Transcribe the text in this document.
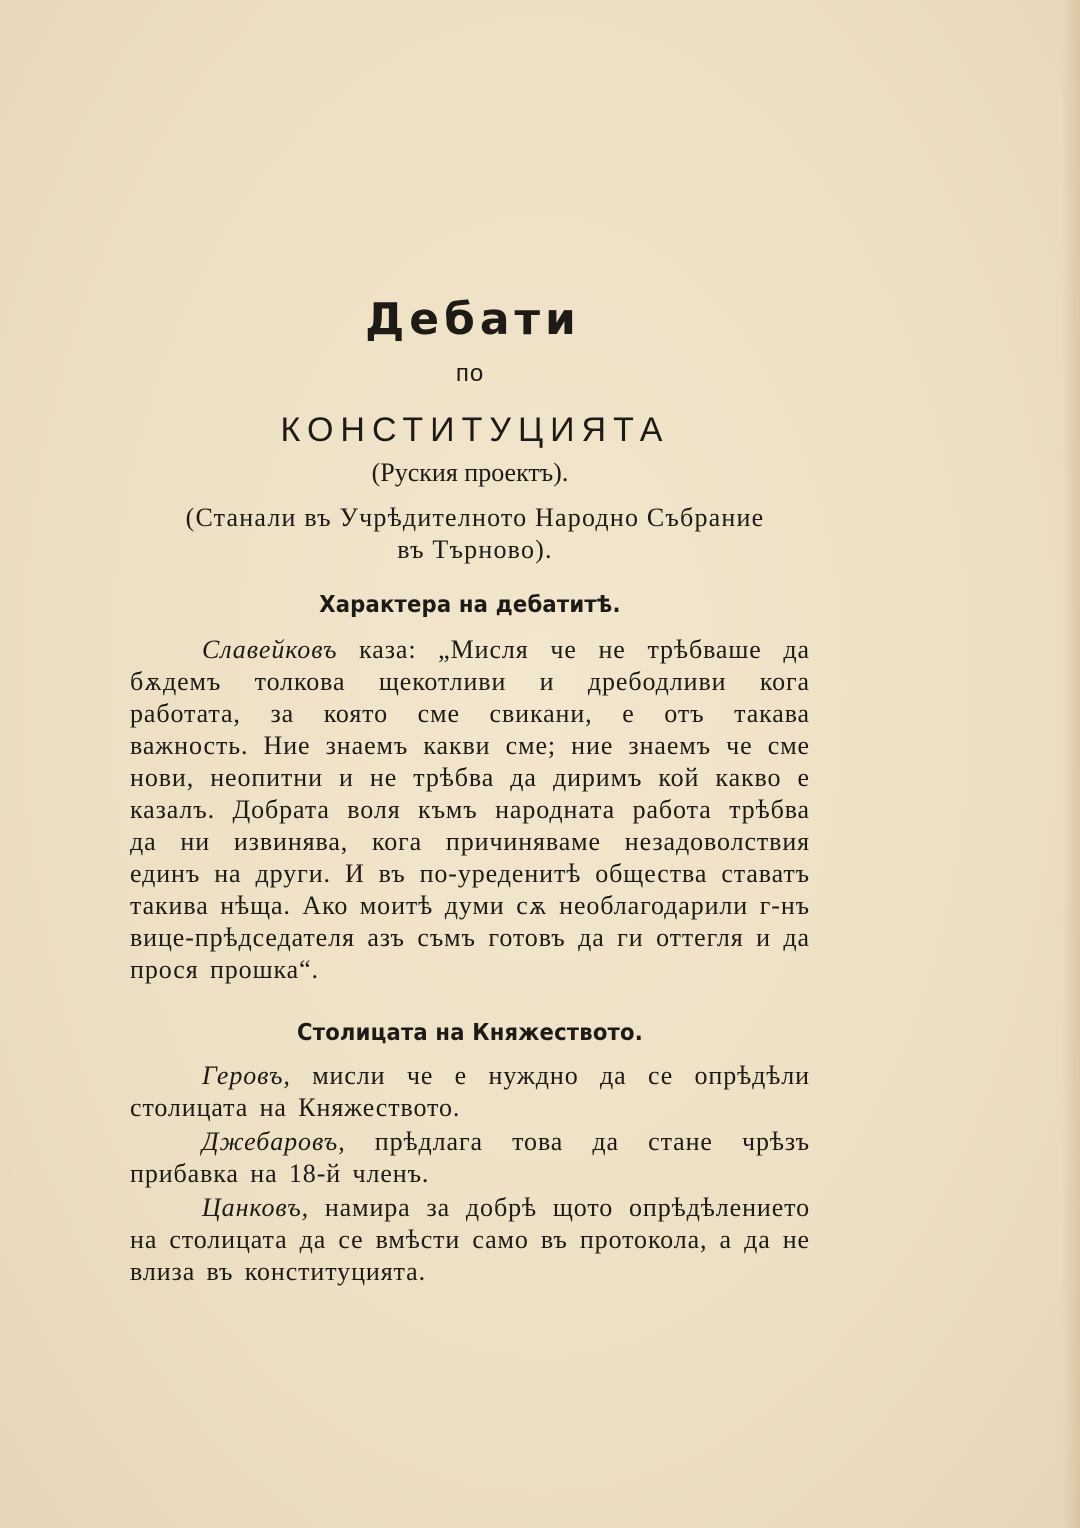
Дебати
по
КОНСТИТУЦИЯТА
(Руския проектъ).
(Станали въ Учрѣдителното Народно Събрание
въ Търново).
Характера на дебатитѣ.

Славейковъ каза: „Мисля че не трѣбваше да бѫдемъ толкова щекотливи и дребодливи кога работата, за която сме свикани, е отъ такава важность. Ние знаемъ какви сме; ние знаемъ че сме нови, неопитни и не трѣбва да диримъ кой какво е казалъ. Добрата воля къмъ народната работа трѣбва да ни извинява, кога причиняваме незадоволствия единъ на други. И въ по-уреденитѣ общества ставатъ такива нѣща. Ако моитѣ думи сѫ необлагодарили г-нъ вице-прѣдседателя азъ съмъ готовъ да ги оттегля и да прося прошка“.

Столицата на Княжеството.

Геровъ, мисли че е нуждно да се опрѣдѣли столицата на Княжеството.

Джебаровъ, прѣдлага това да стане чрѣзъ прибавка на 18-й членъ.

Цанковъ, намира за добрѣ щото опрѣдѣлението на столицата да се вмѣсти само въ протокола, а да не влиза въ конституцията.
